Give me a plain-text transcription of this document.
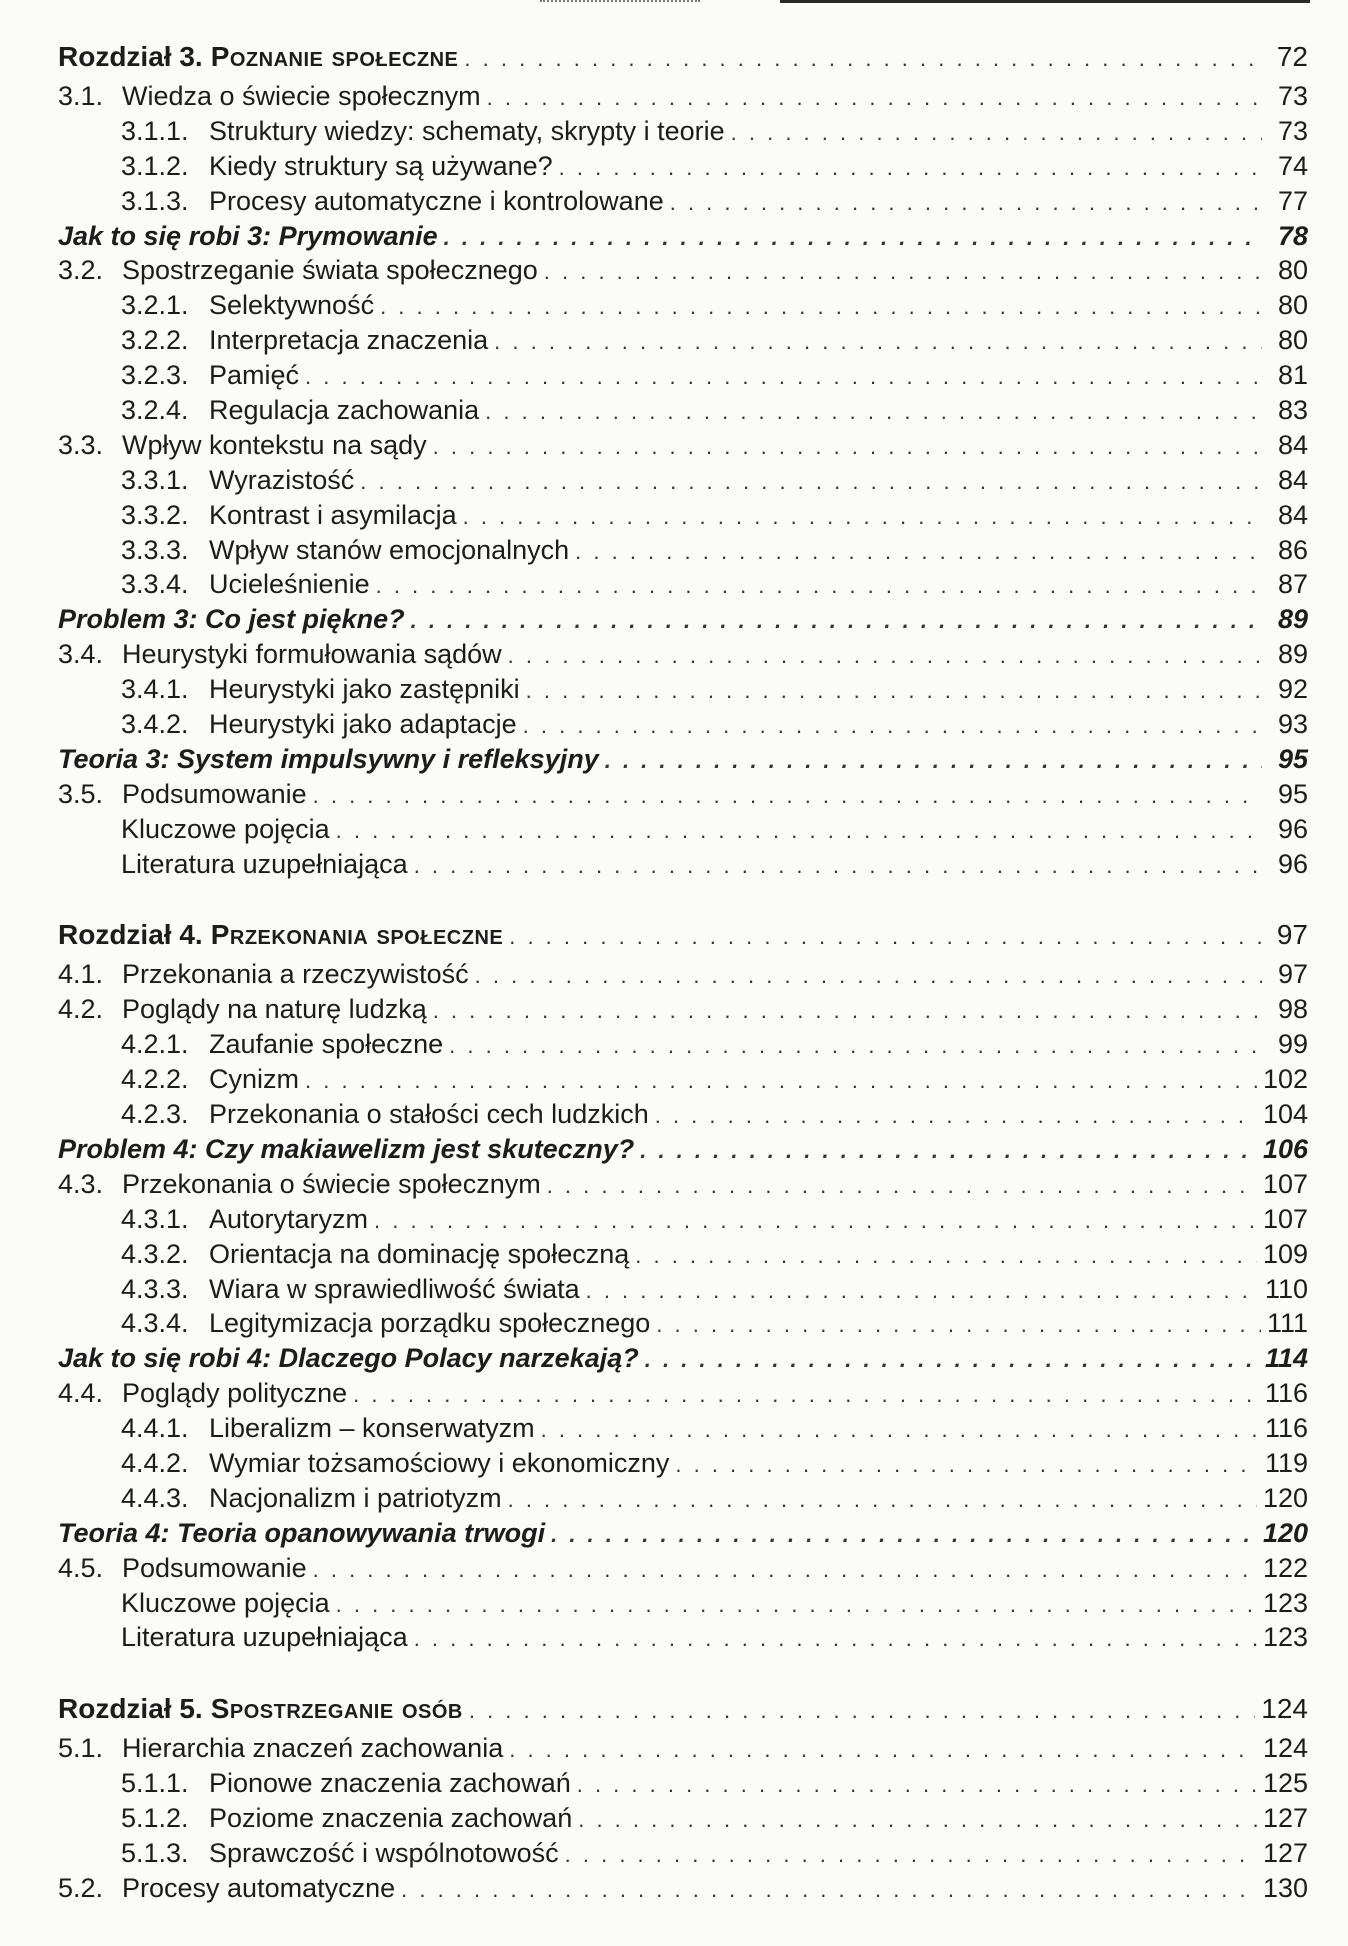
Rozdział 3. Poznanie społeczne . . .	72
3.1. Wiedza o świecie społecznym . . .	73
3.1.1. Struktury wiedzy: schematy, skrypty i teorie . . .	73
3.1.2. Kiedy struktury są używane? . . .	74
3.1.3. Procesy automatyczne i kontrolowane . . .	77
Jak to się robi 3: Prymowanie . . .	78
3.2. Spostrzeganie świata społecznego . . .	80
3.2.1. Selektywność . . .	80
3.2.2. Interpretacja znaczenia . . .	80
3.2.3. Pamięć . . .	81
3.2.4. Regulacja zachowania . . .	83
3.3. Wpływ kontekstu na sądy . . .	84
3.3.1. Wyrazistość . . .	84
3.3.2. Kontrast i asymilacja . . .	84
3.3.3. Wpływ stanów emocjonalnych . . .	86
3.3.4. Ucieleśnienie . . .	87
Problem 3: Co jest piękne? . . .	89
3.4. Heurystyki formułowania sądów . . .	89
3.4.1. Heurystyki jako zastępniki . . .	92
3.4.2. Heurystyki jako adaptacje . . .	93
Teoria 3: System impulsywny i refleksyjny . . .	95
3.5. Podsumowanie . . .	95
Kluczowe pojęcia . . .	96
Literatura uzupełniająca . . .	96
Rozdział 4. Przekonania społeczne . . .	97
4.1. Przekonania a rzeczywistość . . .	97
4.2. Poglądy na naturę ludzką . . .	98
4.2.1. Zaufanie społeczne . . .	99
4.2.2. Cynizm . . .	102
4.2.3. Przekonania o stałości cech ludzkich . . .	104
Problem 4: Czy makiawelizm jest skuteczny? . . .	106
4.3. Przekonania o świecie społecznym . . .	107
4.3.1. Autorytaryzm . . .	107
4.3.2. Orientacja na dominację społeczną . . .	109
4.3.3. Wiara w sprawiedliwość świata . . .	110
4.3.4. Legitymizacja porządku społecznego . . .	111
Jak to się robi 4: Dlaczego Polacy narzekają? . . .	114
4.4. Poglądy polityczne . . .	116
4.4.1. Liberalizm – konserwatyzm . . .	116
4.4.2. Wymiar tożsamościowy i ekonomiczny . . .	119
4.4.3. Nacjonalizm i patriotyzm . . .	120
Teoria 4: Teoria opanowywania trwogi . . .	120
4.5. Podsumowanie . . .	122
Kluczowe pojęcia . . .	123
Literatura uzupełniająca . . .	123
Rozdział 5. Spostrzeganie osób . . .	124
5.1. Hierarchia znaczeń zachowania . . .	124
5.1.1. Pionowe znaczenia zachowań . . .	125
5.1.2. Poziome znaczenia zachowań . . .	127
5.1.3. Sprawczość i wspólnotowość . . .	127
5.2. Procesy automatyczne . . .	130
